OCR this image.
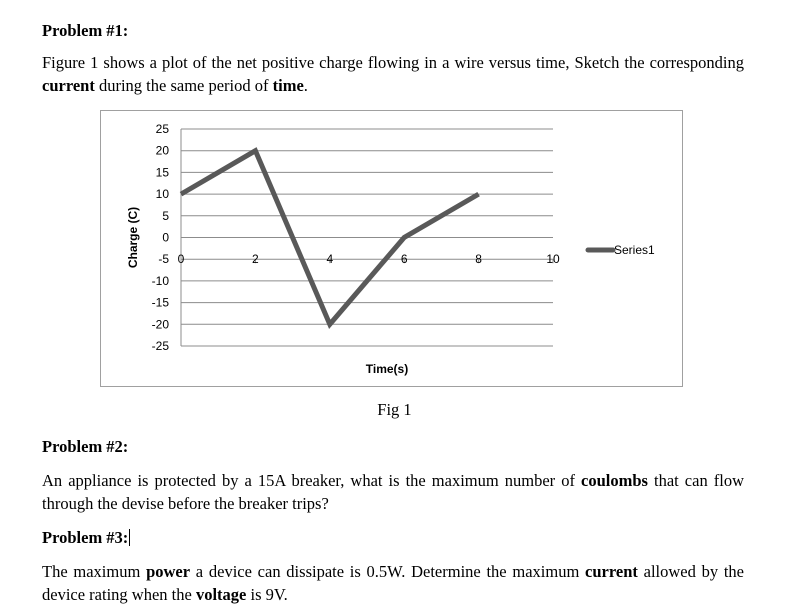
Problem #1:
Figure 1 shows a plot of the net positive charge flowing in a wire versus time, Sketch the corresponding current during the same period of time.
25
20
15
10
5
0
-5
-10
-15
-20
-25
0	2	4	6	8	10
Time(s)
Charge (C)	Series1
Fig 1
Problem #2:
An appliance is protected by a 15A breaker, what is the maximum number of coulombs that can flow through the devise before the breaker trips?
Problem #3:
The maximum power a device can dissipate is 0.5W. Determine the maximum current allowed by the device rating when the voltage is 9V.
